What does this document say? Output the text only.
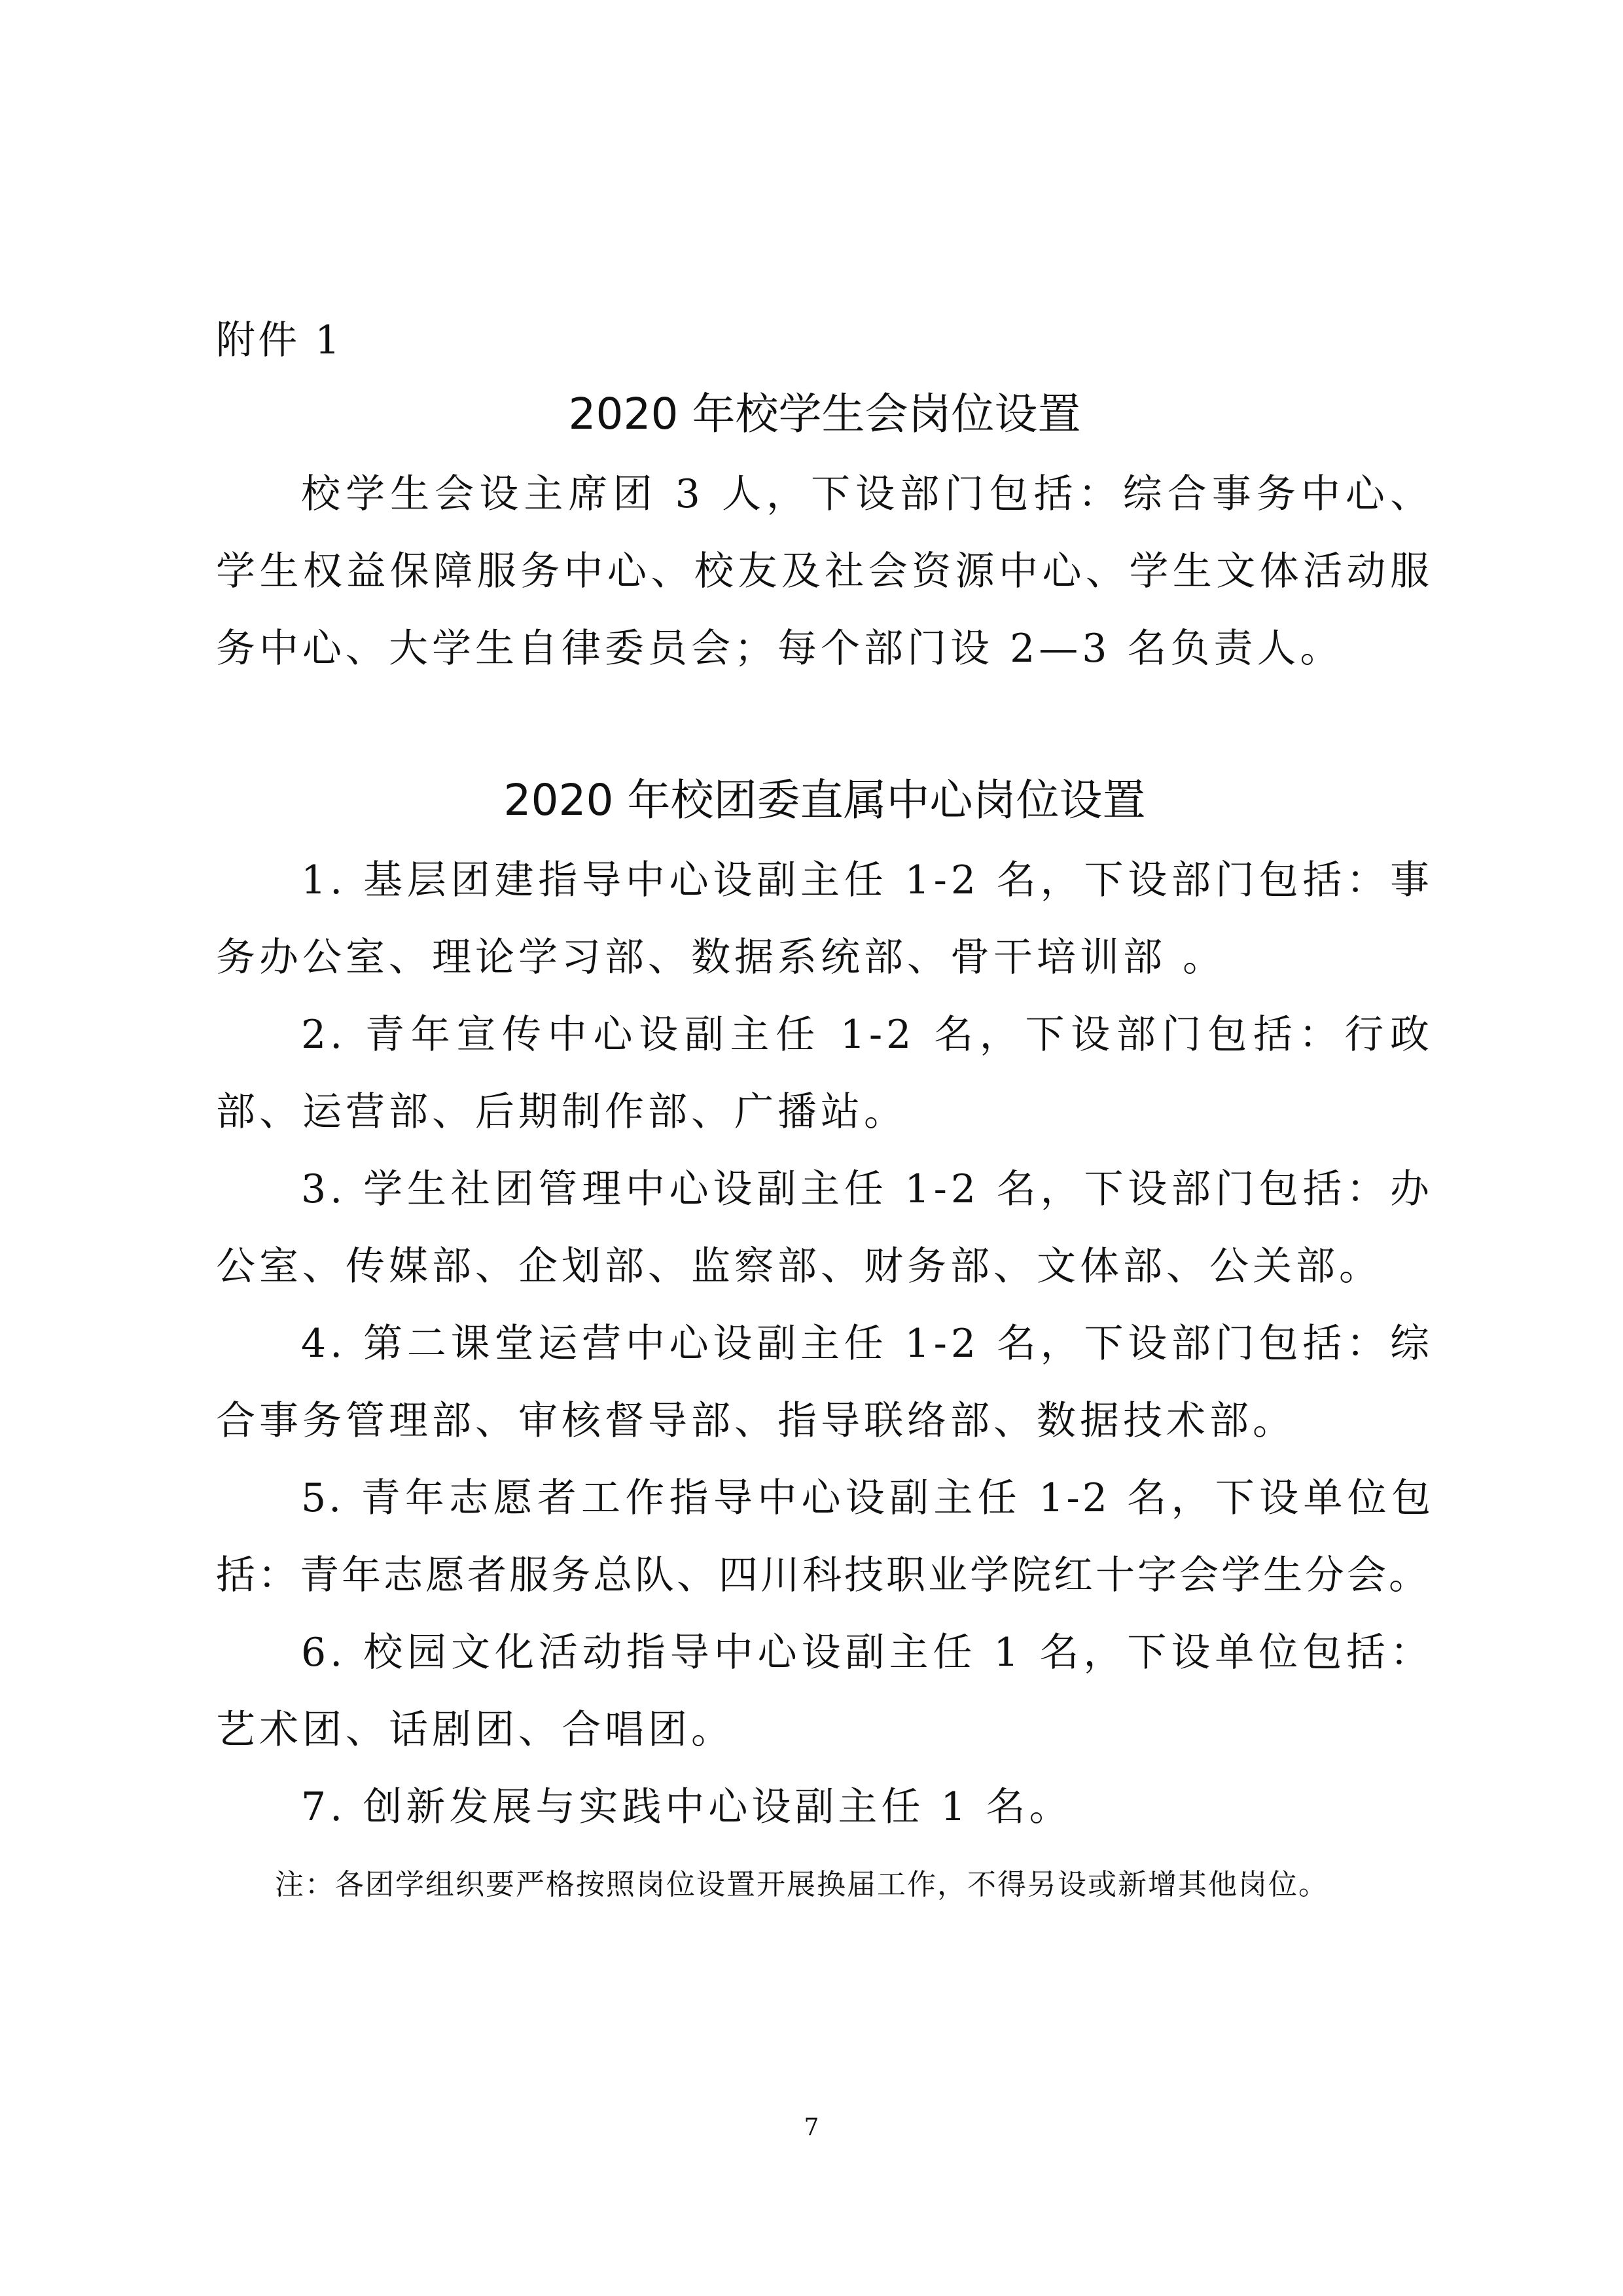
附件 1
2020 年校学生会岗位设置

校学生会设主席团 3 人，下设部门包括：综合事务中心、学生权益保障服务中心、校友及社会资源中心、学生文体活动服务中心、大学生自律委员会；每个部门设 2—3 名负责人。

2020 年校团委直属中心岗位设置

1. 基层团建指导中心设副主任 1-2 名，下设部门包括：事务办公室、理论学习部、数据系统部、骨干培训部 。

2. 青年宣传中心设副主任 1-2 名，下设部门包括：行政部、运营部、后期制作部、广播站。

3. 学生社团管理中心设副主任 1-2 名，下设部门包括：办公室、传媒部、企划部、监察部、财务部、文体部、公关部。

4. 第二课堂运营中心设副主任 1-2 名，下设部门包括：综合事务管理部、审核督导部、指导联络部、数据技术部。

5. 青年志愿者工作指导中心设副主任 1-2 名，下设单位包括：青年志愿者服务总队、四川科技职业学院红十字会学生分会。

6. 校园文化活动指导中心设副主任 1 名，下设单位包括：艺术团、话剧团、合唱团。

7. 创新发展与实践中心设副主任 1 名。

注：各团学组织要严格按照岗位设置开展换届工作，不得另设或新增其他岗位。
7
